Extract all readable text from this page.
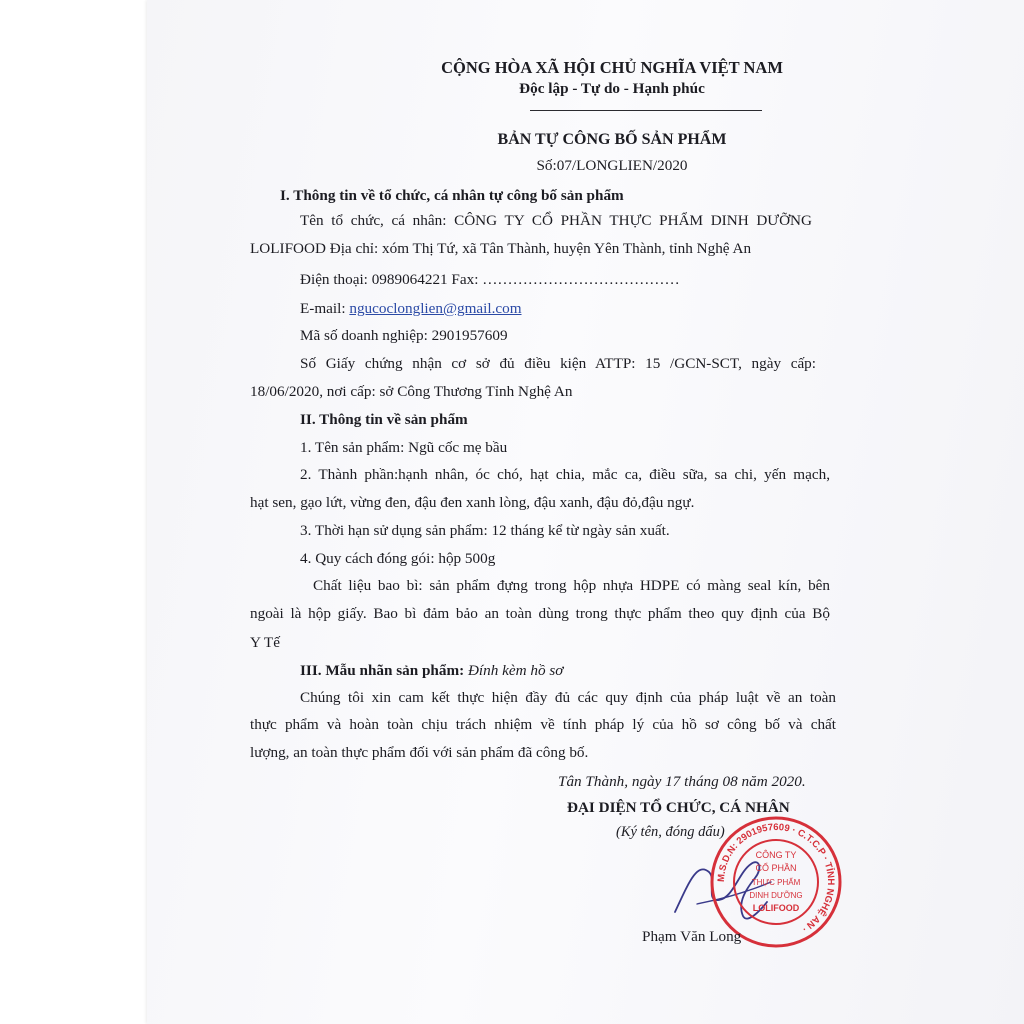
CỘNG HÒA XÃ HỘI CHỦ NGHĨA VIỆT NAM
Độc lập - Tự do - Hạnh phúc
BẢN TỰ CÔNG BỐ SẢN PHẨM
Số:07/LONGLIEN/2020
I. Thông tin về tổ chức, cá nhân tự công bố sản phẩm
Tên tổ chức, cá nhân: CÔNG TY CỔ PHẦN THỰC PHẨM DINH DƯỠNG
LOLIFOOD Địa chỉ: xóm Thị Tứ, xã Tân Thành, huyện Yên Thành, tỉnh Nghệ An
Điện thoại: 0989064221 Fax: …………………………………
E-mail: ngucoclonglien@gmail.com
Mã số doanh nghiệp: 2901957609
Số Giấy chứng nhận cơ sở đủ điều kiện ATTP: 15 /GCN-SCT, ngày cấp:
18/06/2020, nơi cấp: sở Công Thương Tỉnh Nghệ An
II. Thông tin về sản phẩm
1. Tên sản phẩm: Ngũ cốc mẹ bầu
2. Thành phần:hạnh nhân, óc chó, hạt chia, mắc ca, điều sữa, sa chi, yến mạch,
hạt sen, gạo lứt, vừng đen, đậu đen xanh lòng, đậu xanh, đậu đỏ,đậu ngự.
3. Thời hạn sử dụng sản phẩm: 12 tháng kể từ ngày sản xuất.
4. Quy cách đóng gói: hộp 500g
Chất liệu bao bì: sản phẩm đựng trong hộp nhựa HDPE có màng seal kín, bên
ngoài là hộp giấy. Bao bì đảm bảo an toàn dùng trong thực phẩm theo quy định của Bộ
Y Tế
III. Mẫu nhãn sản phẩm: Đính kèm hồ sơ
Chúng tôi xin cam kết thực hiện đầy đủ các quy định của pháp luật về an toàn
thực phẩm và hoàn toàn chịu trách nhiệm về tính pháp lý của hồ sơ công bố và chất
lượng, an toàn thực phẩm đối với sản phẩm đã công bố.
Tân Thành, ngày 17 tháng 08 năm 2020.
ĐẠI DIỆN TỔ CHỨC, CÁ NHÂN
(Ký tên, đóng dấu)
M.S.D.N: 2901957609 · C.T.C.P · TỈNH NGHỆ AN ·
CÔNG TY
CỔ PHẦN
THỰC PHẨM
DINH DƯỠNG
LOLIFOOD
Phạm Văn Long
